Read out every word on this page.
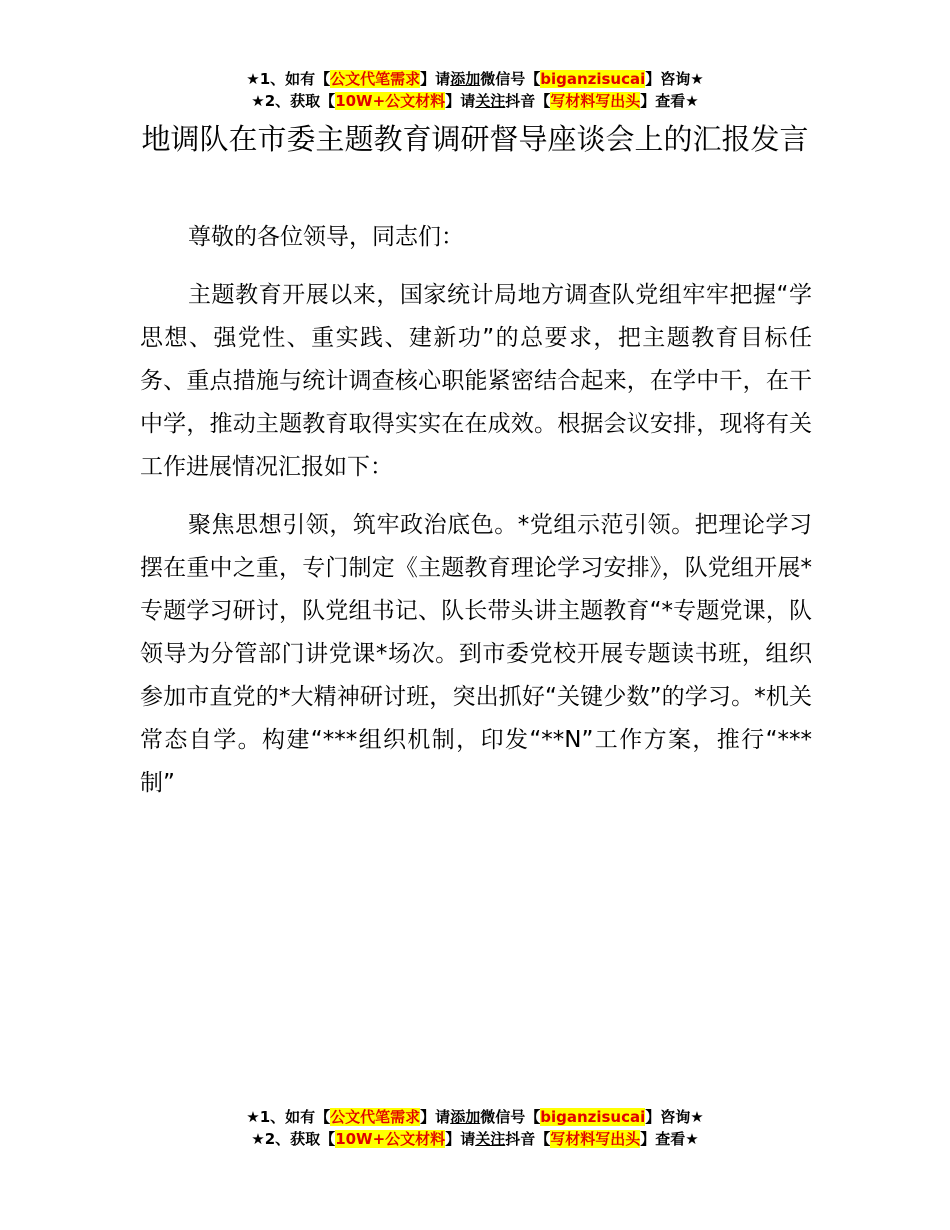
★1、如有【公文代笔需求】请添加微信号【biganzisucai】咨询★
★2、获取【10W+公文材料】请关注抖音【写材料写出头】查看★
地调队在市委主题教育调研督导座谈会上的汇报发言

尊敬的各位领导，同志们：

主题教育开展以来，国家统计局地方调查队党组牢牢把握“学思想、强党性、重实践、建新功”的总要求，把主题教育目标任务、重点措施与统计调查核心职能紧密结合起来，在学中干，在干中学，推动主题教育取得实实在在成效。根据会议安排，现将有关工作进展情况汇报如下：

聚焦思想引领，筑牢政治底色。*党组示范引领。把理论学习摆在重中之重，专门制定《主题教育理论学习安排》，队党组开展*专题学习研讨，队党组书记、队长带头讲主题教育“*专题党课，队领导为分管部门讲党课*场次。到市委党校开展专题读书班，组织参加市直党的*大精神研讨班，突出抓好“关键少数”的学习。*机关常态自学。构建“***组织机制，印发“**N”工作方案，推行“***制”

★1、如有【公文代笔需求】请添加微信号【biganzisucai】咨询★
★2、获取【10W+公文材料】请关注抖音【写材料写出头】查看★
